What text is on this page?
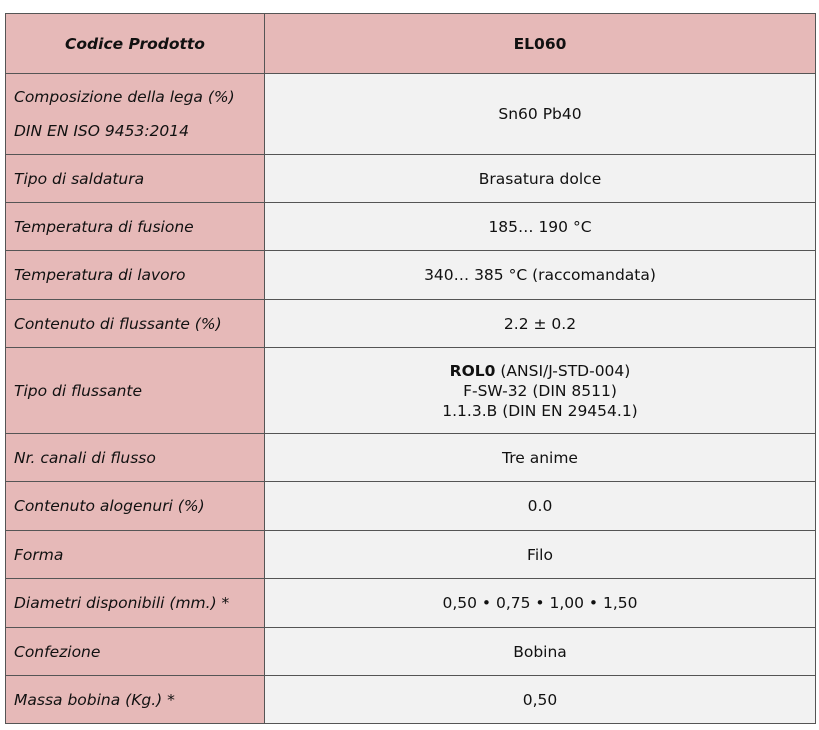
Codice Prodotto	EL060

Composizione della lega (%)
DIN EN ISO 9453:2014	Sn60 Pb40
Tipo di saldatura	Brasatura dolce
Temperatura di fusione	185… 190 °C
Temperatura di lavoro	340… 385 °C (raccomandata)
Contenuto di flussante (%)	2.2 ± 0.2
Tipo di flussante	ROL0 (ANSI/J-STD-004)
F-SW-32 (DIN 8511)
1.1.3.B (DIN EN 29454.1)

Nr. canali di flusso	Tre anime
Contenuto alogenuri (%)	0.0
Forma	Filo
Diametri disponibili (mm.) *	0,50 • 0,75 • 1,00 • 1,50
Confezione	Bobina
Massa bobina (Kg.) *	0,50
